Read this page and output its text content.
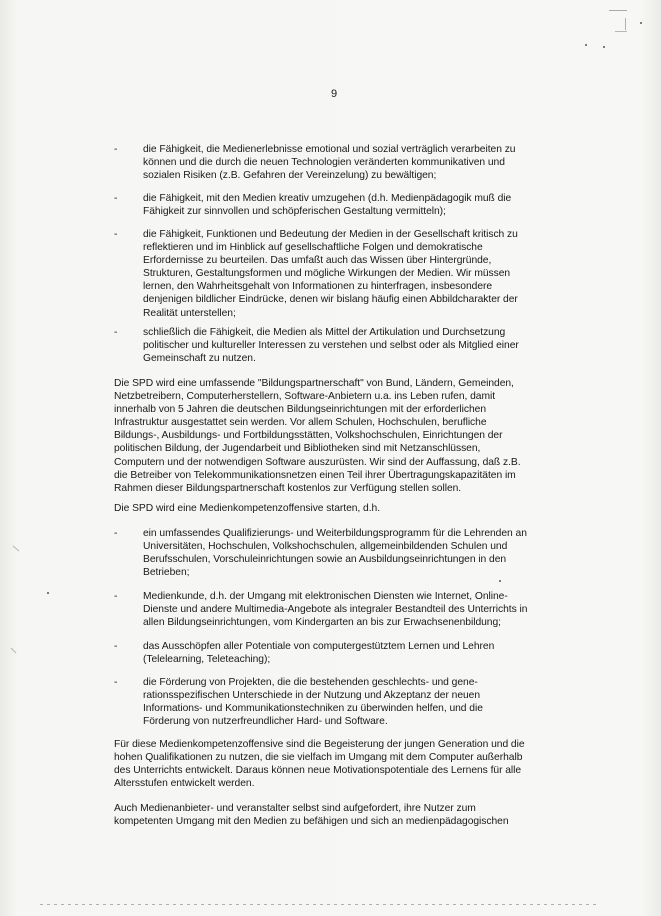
9
- die Fähigkeit, die Medienerlebnisse emotional und sozial verträglich verarbeiten zu
können und die durch die neuen Technologien veränderten kommunikativen und
sozialen Risiken (z.B. Gefahren der Vereinzelung) zu bewältigen;
- die Fähigkeit, mit den Medien kreativ umzugehen (d.h. Medienpädagogik muß die
Fähigkeit zur sinnvollen und schöpferischen Gestaltung vermitteln);
- die Fähigkeit, Funktionen und Bedeutung der Medien in der Gesellschaft kritisch zu
reflektieren und im Hinblick auf gesellschaftliche Folgen und demokratische
Erfordernisse zu beurteilen. Das umfaßt auch das Wissen über Hintergründe,
Strukturen, Gestaltungsformen und mögliche Wirkungen der Medien. Wir müssen
lernen, den Wahrheitsgehalt von Informationen zu hinterfragen, insbesondere
denjenigen bildlicher Eindrücke, denen wir bislang häufig einen Abbildcharakter der
Realität unterstellen;
- schließlich die Fähigkeit, die Medien als Mittel der Artikulation und Durchsetzung
politischer und kultureller Interessen zu verstehen und selbst oder als Mitglied einer
Gemeinschaft zu nutzen.
Die SPD wird eine umfassende "Bildungspartnerschaft" von Bund, Ländern, Gemeinden,
Netzbetreibern, Computerherstellern, Software-Anbietern u.a. ins Leben rufen, damit
innerhalb von 5 Jahren die deutschen Bildungseinrichtungen mit der erforderlichen
Infrastruktur ausgestattet sein werden. Vor allem Schulen, Hochschulen, berufliche
Bildungs-, Ausbildungs- und Fortbildungsstätten, Volkshochschulen, Einrichtungen der
politischen Bildung, der Jugendarbeit und Bibliotheken sind mit Netzanschlüssen,
Computern und der notwendigen Software auszurüsten. Wir sind der Auffassung, daß z.B.
die Betreiber von Telekommunikationsnetzen einen Teil ihrer Übertragungskapazitäten im
Rahmen dieser Bildungspartnerschaft kostenlos zur Verfügung stellen sollen.
Die SPD wird eine Medienkompetenzoffensive starten, d.h.
- ein umfassendes Qualifizierungs- und Weiterbildungsprogramm für die Lehrenden an
Universitäten, Hochschulen, Volkshochschulen, allgemeinbildenden Schulen und
Berufsschulen, Vorschuleinrichtungen sowie an Ausbildungseinrichtungen in den
Betrieben;
- Medienkunde, d.h. der Umgang mit elektronischen Diensten wie Internet, Online-
Dienste und andere Multimedia-Angebote als integraler Bestandteil des Unterrichts in
allen Bildungseinrichtungen, vom Kindergarten an bis zur Erwachsenenbildung;
- das Ausschöpfen aller Potentiale von computergestütztem Lernen und Lehren
(Telelearning, Teleteaching);
- die Förderung von Projekten, die die bestehenden geschlechts- und gene-
rationsspezifischen Unterschiede in der Nutzung und Akzeptanz der neuen
Informations- und Kommunikationstechniken zu überwinden helfen, und die
Förderung von nutzerfreundlicher Hard- und Software.
Für diese Medienkompetenzoffensive sind die Begeisterung der jungen Generation und die
hohen Qualifikationen zu nutzen, die sie vielfach im Umgang mit dem Computer außerhalb
des Unterrichts entwickelt. Daraus können neue Motivationspotentiale des Lernens für alle
Altersstufen entwickelt werden.
Auch Medienanbieter- und veranstalter selbst sind aufgefordert, ihre Nutzer zum
kompetenten Umgang mit den Medien zu befähigen und sich an medienpädagogischen
